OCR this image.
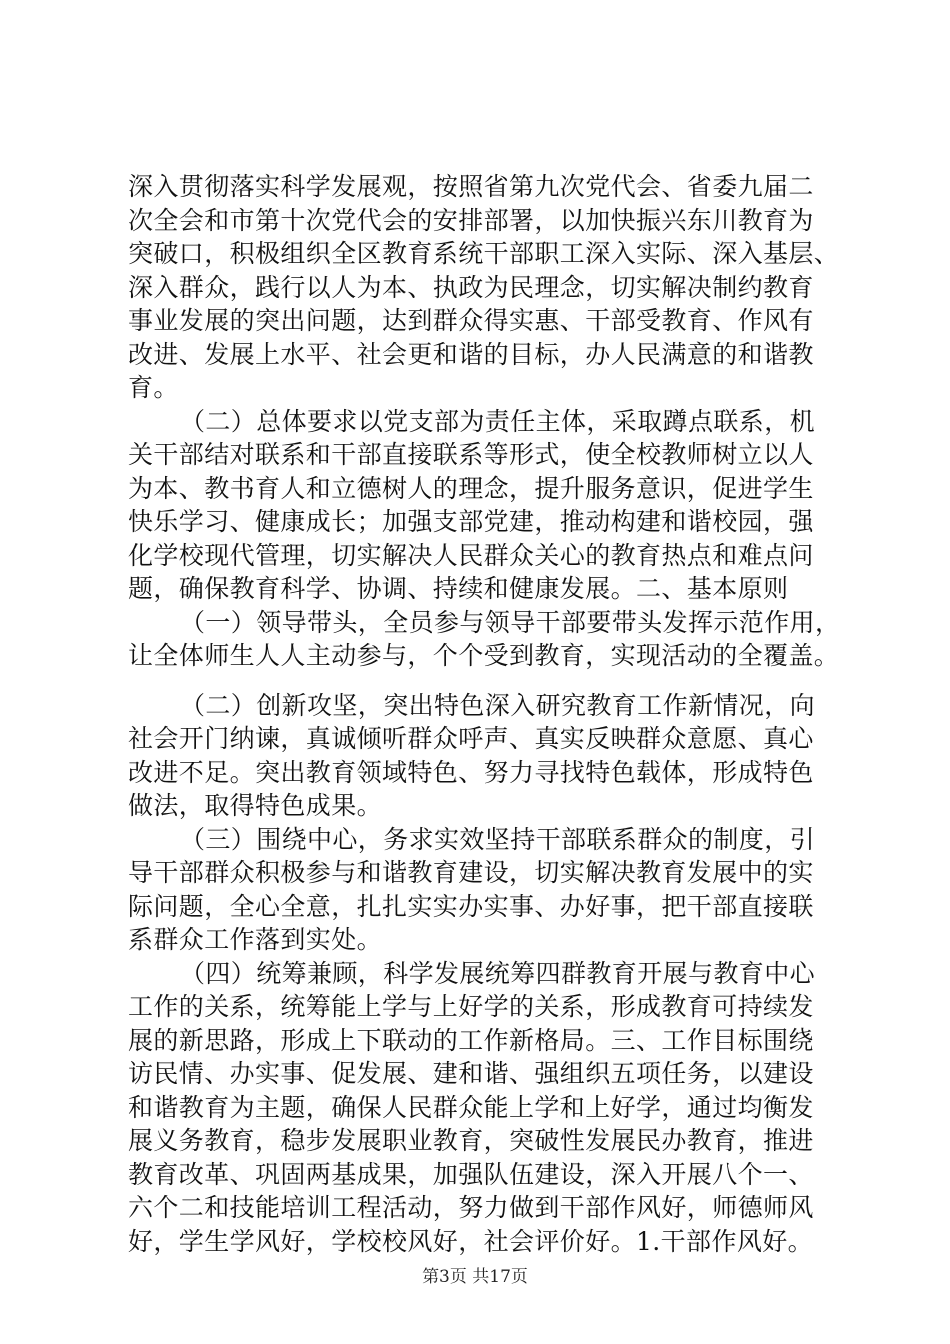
深入贯彻落实科学发展观，按照省第九次党代会、省委九届二
次全会和市第十次党代会的安排部署，以加快振兴东川教育为
突破口，积极组织全区教育系统干部职工深入实际、深入基层、
深入群众，践行以人为本、执政为民理念，切实解决制约教育
事业发展的突出问题，达到群众得实惠、干部受教育、作风有
改进、发展上水平、社会更和谐的目标，办人民满意的和谐教
育。
（二）总体要求以党支部为责任主体，采取蹲点联系，机
关干部结对联系和干部直接联系等形式，使全校教师树立以人
为本、教书育人和立德树人的理念，提升服务意识，促进学生
快乐学习、健康成长；加强支部党建，推动构建和谐校园，强
化学校现代管理，切实解决人民群众关心的教育热点和难点问
题，确保教育科学、协调、持续和健康发展。二、基本原则
（一）领导带头，全员参与领导干部要带头发挥示范作用，
让全体师生人人主动参与，个个受到教育，实现活动的全覆盖。
（二）创新攻坚，突出特色深入研究教育工作新情况，向
社会开门纳谏，真诚倾听群众呼声、真实反映群众意愿、真心
改进不足。突出教育领域特色、努力寻找特色载体，形成特色
做法，取得特色成果。
（三）围绕中心，务求实效坚持干部联系群众的制度，引
导干部群众积极参与和谐教育建设，切实解决教育发展中的实
际问题，全心全意，扎扎实实办实事、办好事，把干部直接联
系群众工作落到实处。
（四）统筹兼顾，科学发展统筹四群教育开展与教育中心
工作的关系，统筹能上学与上好学的关系，形成教育可持续发
展的新思路，形成上下联动的工作新格局。三、工作目标围绕
访民情、办实事、促发展、建和谐、强组织五项任务，以建设
和谐教育为主题，确保人民群众能上学和上好学，通过均衡发
展义务教育，稳步发展职业教育，突破性发展民办教育，推进
教育改革、巩固两基成果，加强队伍建设，深入开展八个一、
六个二和技能培训工程活动，努力做到干部作风好，师德师风
好，学生学风好，学校校风好，社会评价好。1.干部作风好。
第3页 共17页
